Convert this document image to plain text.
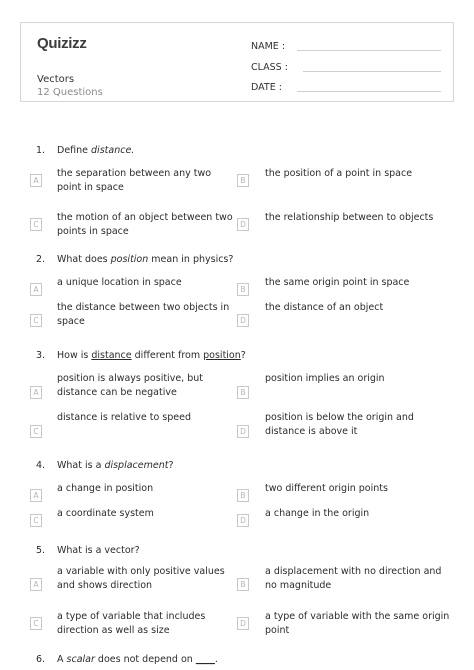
Quizizz
Vectors
12 Questions
NAME :
CLASS :
DATE :
1. Define distance.
A
the separation between any two point in space
B
the position of a point in space
C
the motion of an object between two points in space
D
the relationship between to objects
2. What does position mean in physics?
A
a unique location in space
B
the same origin point in space
C
the distance between two objects in space	D
the distance of an object
3. How is distance different from position?
A
position is always positive, but distance can be negative	B
position implies an origin
C
distance is relative to speed
D
position is below the origin and distance is above it
4. What is a displacement?
A
a change in position
B
two different origin points
C
a coordinate system
D
a change in the origin
5. What is a vector?
A
a variable with only positive values and shows direction	B
a displacement with no direction and no magnitude
C
a type of variable that includes direction as well as size
D
a type of variable with the same origin point
6. A scalar does not depend on ____.
